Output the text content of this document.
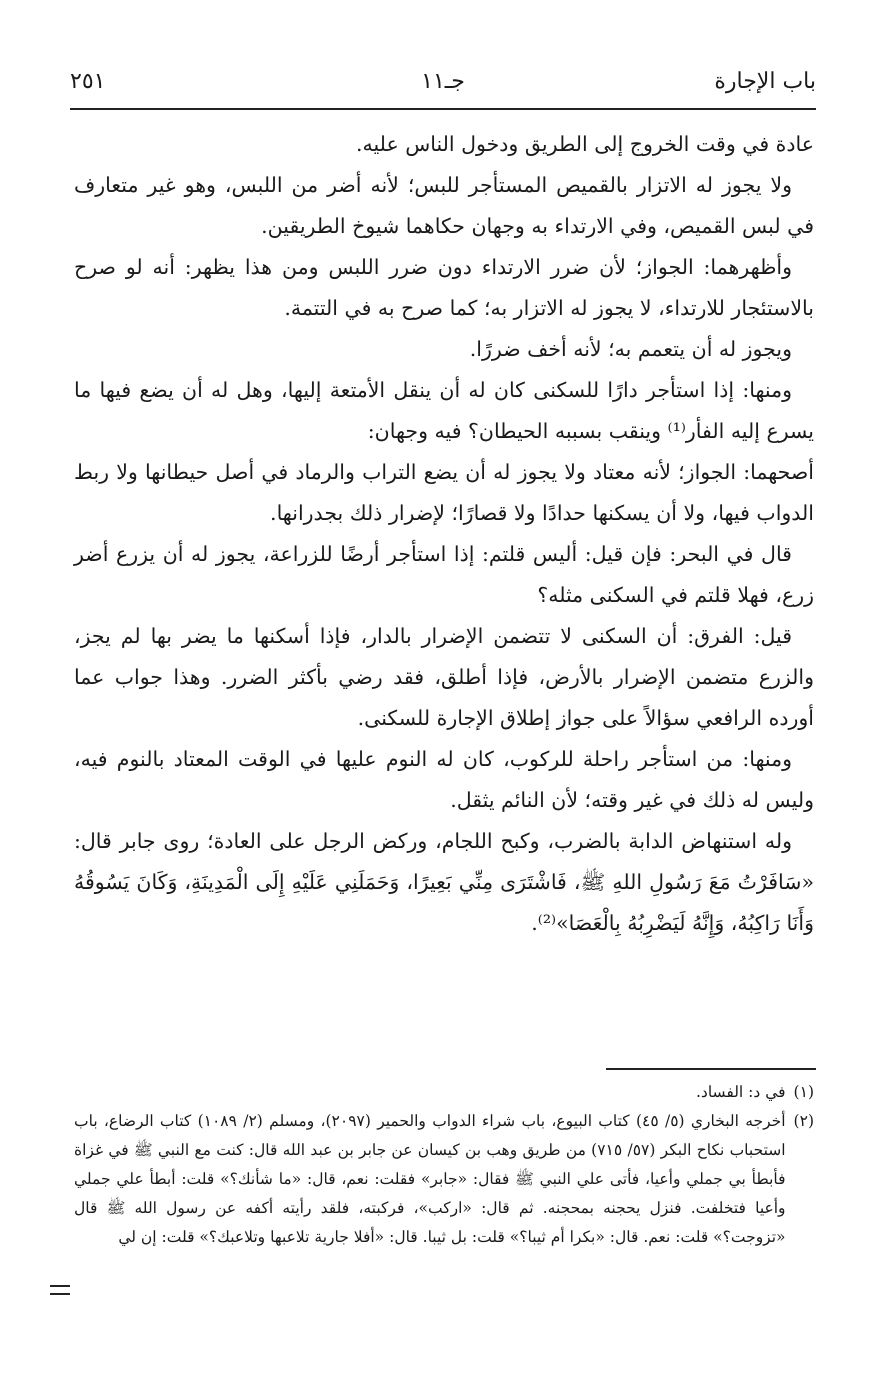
باب الإجارة
جـ١١
٢٥١

عادة في وقت الخروج إلى الطريق ودخول الناس عليه.

ولا يجوز له الاتزار بالقميص المستأجر للبس؛ لأنه أضر من اللبس، وهو غير متعارف في لبس القميص، وفي الارتداء به وجهان حكاهما شيوخ الطريقين.

وأظهرهما: الجواز؛ لأن ضرر الارتداء دون ضرر اللبس ومن هذا يظهر: أنه لو صرح بالاستئجار للارتداء، لا يجوز له الاتزار به؛ كما صرح به في التتمة.

ويجوز له أن يتعمم به؛ لأنه أخف ضررًا.

ومنها: إذا استأجر دارًا للسكنى كان له أن ينقل الأمتعة إليها، وهل له أن يضع فيها ما يسرع إليه الفأر⁽¹⁾ وينقب بسببه الحيطان؟ فيه وجهان:

أصحهما: الجواز؛ لأنه معتاد ولا يجوز له أن يضع التراب والرماد في أصل حيطانها ولا ربط الدواب فيها، ولا أن يسكنها حدادًا ولا قصارًا؛ لإضرار ذلك بجدرانها.

قال في البحر: فإن قيل: أليس قلتم: إذا استأجر أرضًا للزراعة، يجوز له أن يزرع أضر زرع، فهلا قلتم في السكنى مثله؟

قيل: الفرق: أن السكنى لا تتضمن الإضرار بالدار، فإذا أسكنها ما يضر بها لم يجز، والزرع متضمن الإضرار بالأرض، فإذا أطلق، فقد رضي بأكثر الضرر. وهذا جواب عما أورده الرافعي سؤالاً على جواز إطلاق الإجارة للسكنى.

ومنها: من استأجر راحلة للركوب، كان له النوم عليها في الوقت المعتاد بالنوم فيه، وليس له ذلك في غير وقته؛ لأن النائم يثقل.

وله استنهاض الدابة بالضرب، وكبح اللجام، وركض الرجل على العادة؛ روى جابر قال: «سَافَرْتُ مَعَ رَسُولِ اللهِ ﷺ، فَاشْتَرَى مِنِّي بَعِيرًا، وَحَمَلَنِي عَلَيْهِ إِلَى الْمَدِينَةِ، وَكَانَ يَسُوقُهُ وَأَنَا رَاكِبُهُ، وَإِنَّهُ لَيَضْرِبُهُ بِالْعَصَا»⁽²⁾.

(١)
في د: الفساد.
(٢)
أخرجه البخاري (٥/ ٤٥) كتاب البيوع، باب شراء الدواب والحمير (٢٠٩٧)، ومسلم (٢/ ١٠٨٩) كتاب الرضاع، باب استحباب نكاح البكر (٥٧/ ٧١٥) من طريق وهب بن كيسان عن جابر بن عبد الله قال: كنت مع النبي ﷺ في غزاة فأبطأ بي جملي وأعيا، فأتى علي النبي ﷺ فقال: «جابر» فقلت: نعم، قال: «ما شأنك؟» قلت: أبطأ علي جملي وأعيا فتخلفت. فنزل يحجنه بمحجنه. ثم قال: «اركب»، فركبته، فلقد رأيته أكفه عن رسول الله ﷺ قال «تزوجت؟» قلت: نعم. قال: «بكرا أم ثيبا؟» قلت: بل ثيبا. قال: «أفلا جارية تلاعبها وتلاعبك؟» قلت: إن لي
